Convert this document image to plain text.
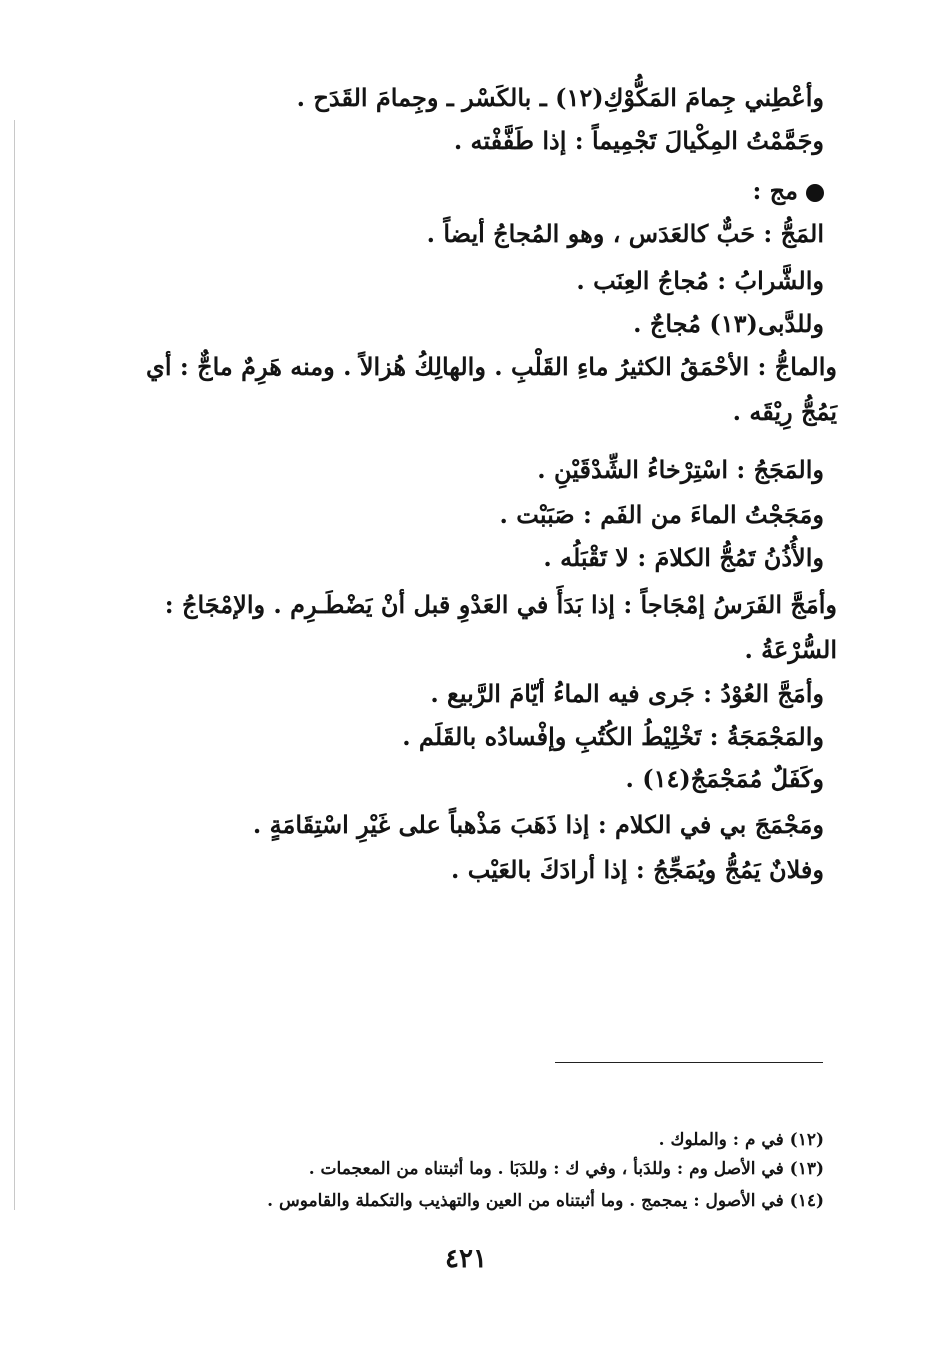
وأعْطِني جِمامَ المَكُّوْكِ(١٢) ـ بالكَسْر ـ وجِمامَ القَدَح .
وجَمَّمْتُ المِكْيالَ تَجْمِيماً : إذا طَفَّفْته .
مج :
المَجُّ : حَبٌّ كالعَدَس ، وهو المُجاجُ أيضاً .
والشَّرابُ : مُجاجُ العِنَب .
وللدَّبى(١٣) مُجاجٌ .
والماجُّ : الأحْمَقُ الكثيرُ ماءِ القَلْبِ . والهالِكُ هُزالاً . ومنه هَرِمٌ ماجٌّ : أي
يَمُجُّ رِيْقَه .
والمَجَجُ : اسْتِرْخاءُ الشِّدْقَيْنِ .
ومَجَجْتُ الماءَ من الفَم : صَبَبْت .
والأُذُنُ تَمُجُّ الكلامَ : لا تَقْبَلُه .
وأمَجَّ الفَرَسُ إمْجَاجاً : إذا بَدَأَ في العَدْوِ قبل أنْ يَضْطَـرِم . والإمْجَاجُ :
السُّرْعَةُ .
وأمَجَّ العُوْدُ : جَرى فيه الماءُ أيّامَ الرَّبيع .
والمَجْمَجَةُ : تَخْلِيْطُ الكُتُبِ وإفْسادُه بالقَلَم .
وكَفَلٌ مُمَجْمَجٌ(١٤) .
ومَجْمَجَ بي في الكلام : إذا ذَهَبَ مَذْهباً على غَيْرِ اسْتِقَامَةٍ .
وفلانٌ يَمُجُّ ويُمَجِّجُ : إذا أرادَكَ بالعَيْب .
(١٢) في م : والملوك .
(١٣) في الأصل وم : وللدَبأ ، وفي ك : وللدَبَا . وما أثبتناه من المعجمات .
(١٤) في الأصول : يمجمج . وما أثبتناه من العين والتهذيب والتكملة والقاموس .
٤٢١
